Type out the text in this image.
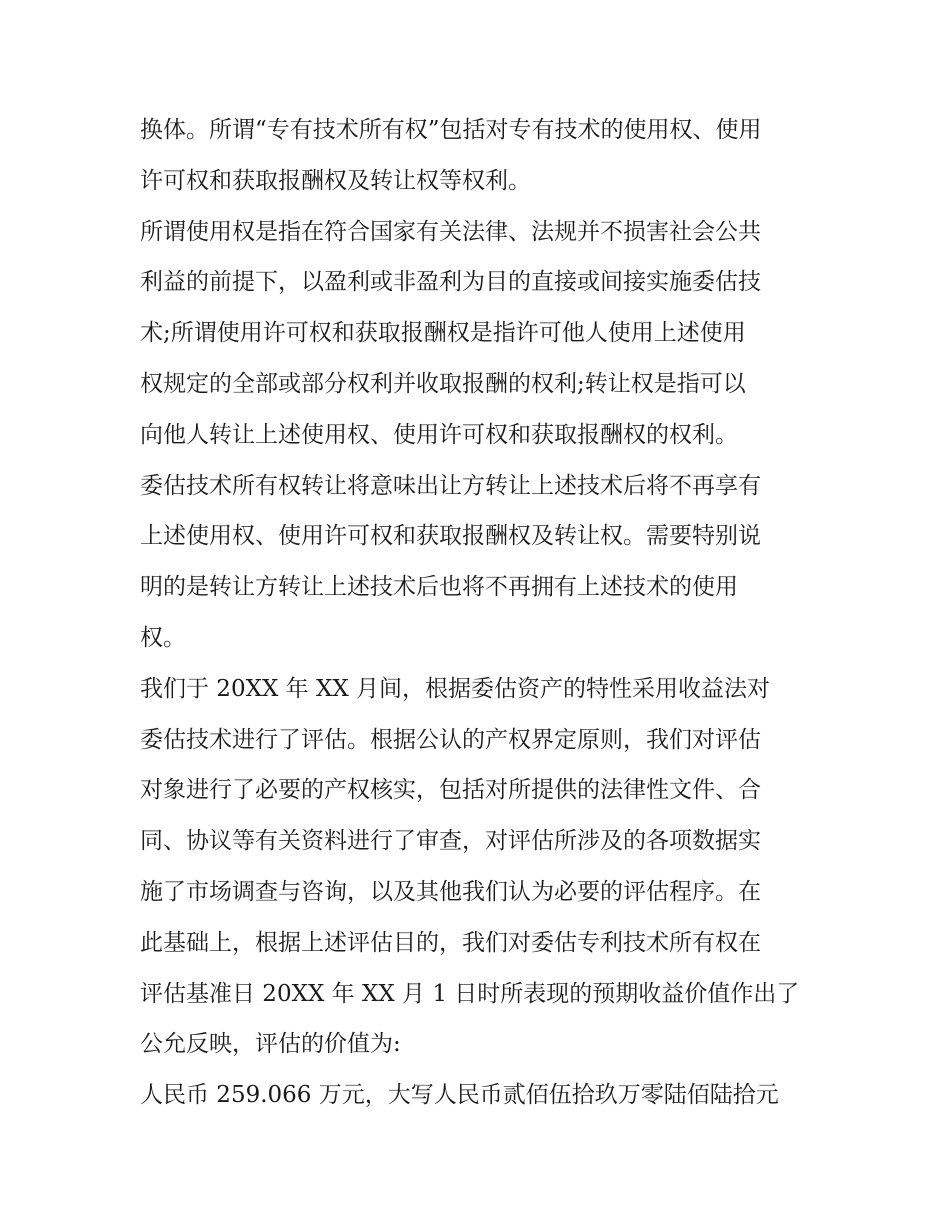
换体。所谓“专有技术所有权”包括对专有技术的使用权、使用
许可权和获取报酬权及转让权等权利。
所谓使用权是指在符合国家有关法律、法规并不损害社会公共
利益的前提下，以盈利或非盈利为目的直接或间接实施委估技
术;所谓使用许可权和获取报酬权是指许可他人使用上述使用
权规定的全部或部分权利并收取报酬的权利;转让权是指可以
向他人转让上述使用权、使用许可权和获取报酬权的权利。
委估技术所有权转让将意味出让方转让上述技术后将不再享有
上述使用权、使用许可权和获取报酬权及转让权。需要特别说
明的是转让方转让上述技术后也将不再拥有上述技术的使用
权。
我们于 20XX 年 XX 月间，根据委估资产的特性采用收益法对
委估技术进行了评估。根据公认的产权界定原则，我们对评估
对象进行了必要的产权核实，包括对所提供的法律性文件、合
同、协议等有关资料进行了审查，对评估所涉及的各项数据实
施了市场调查与咨询，以及其他我们认为必要的评估程序。在
此基础上，根据上述评估目的，我们对委估专利技术所有权在
评估基准日 20XX 年 XX 月 1 日时所表现的预期收益价值作出了
公允反映，评估的价值为:
人民币 259.066 万元，大写人民币贰佰伍拾玖万零陆佰陆拾元
